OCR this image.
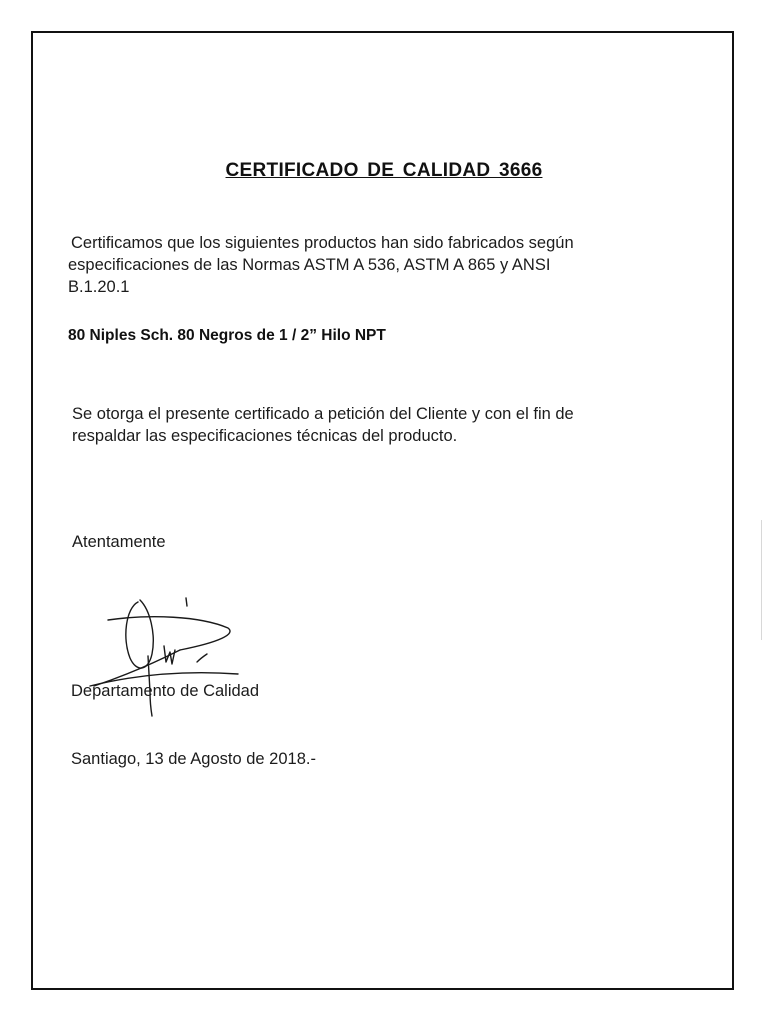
CERTIFICADO DE CALIDAD 3666
Certificamos que los siguientes productos han sido fabricados según
especificaciones de las Normas ASTM A 536, ASTM A 865 y ANSI
B.1.20.1

80 Niples Sch. 80 Negros de 1 / 2” Hilo NPT

Se otorga el presente certificado a petición del Cliente y con el fin de
respaldar las especificaciones técnicas del producto.

Atentamente

Departamento de Calidad

Santiago, 13 de Agosto de 2018.-
